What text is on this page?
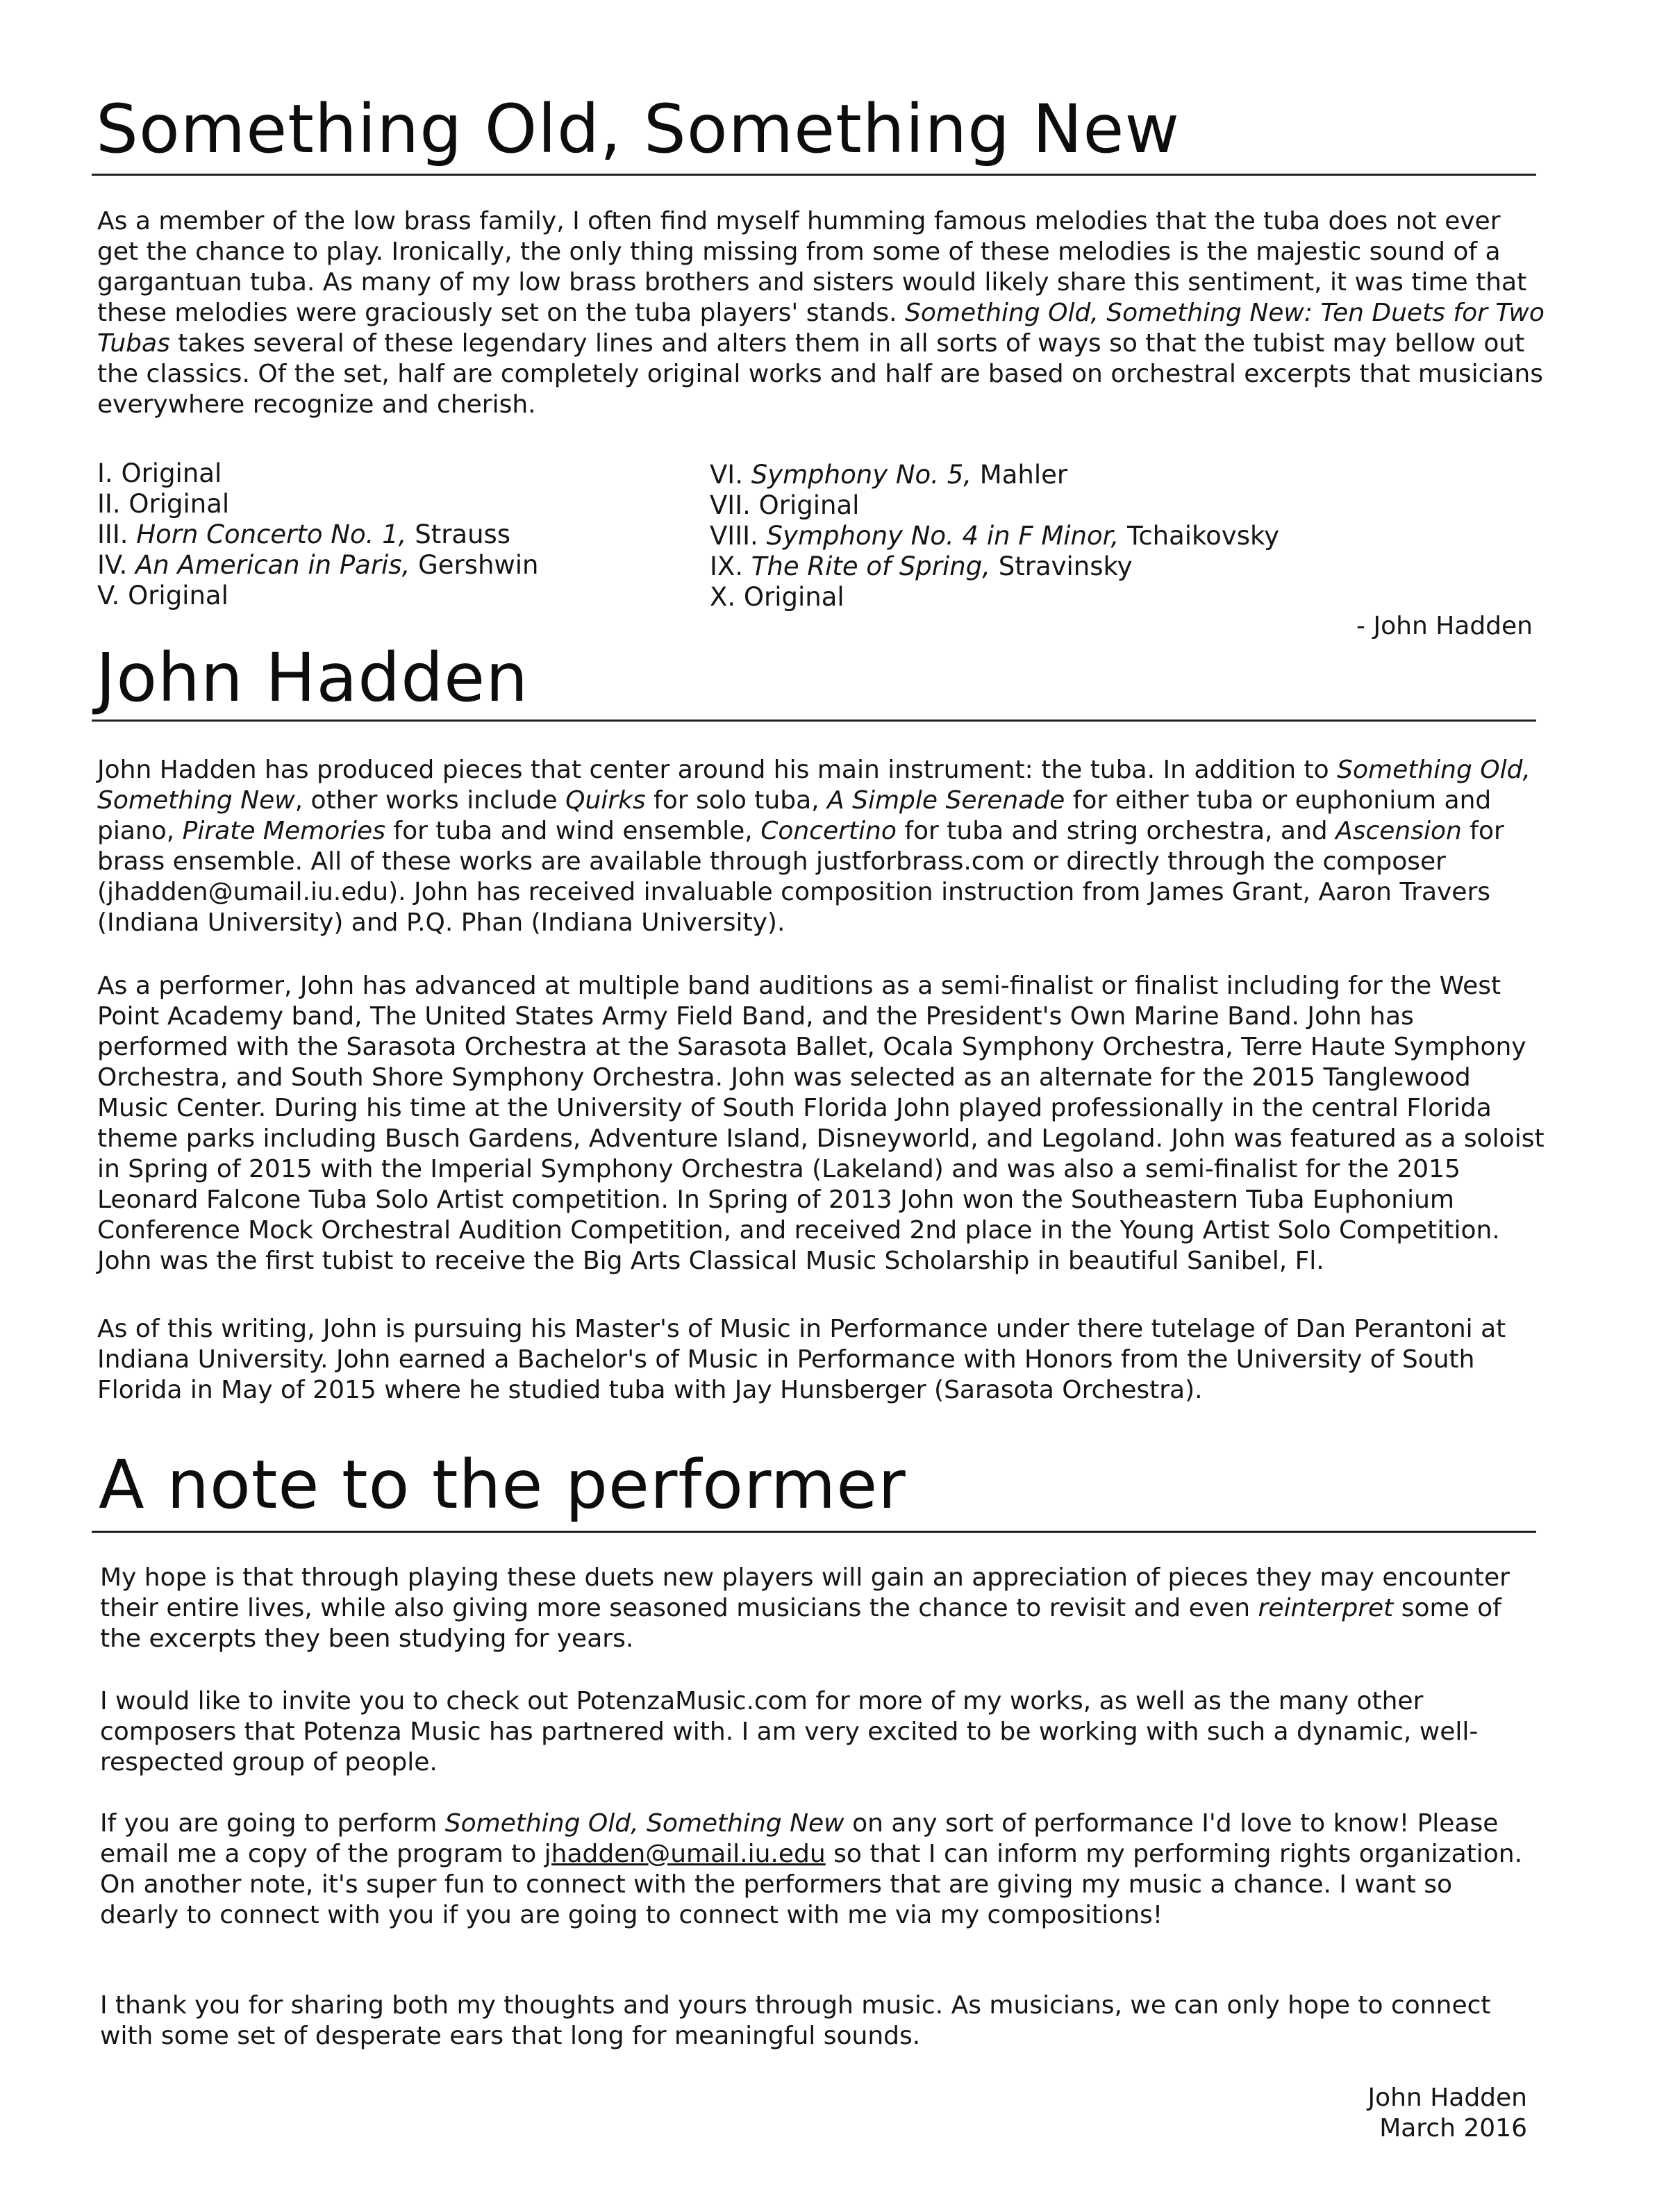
Something Old, Something New

As a member of the low brass family, I often find myself humming famous melodies that the tuba does not ever get the chance to play. Ironically, the only thing missing from some of these melodies is the majestic sound of a gargantuan tuba. As many of my low brass brothers and sisters would likely share this sentiment, it was time that these melodies were graciously set on the tuba players' stands. Something Old, Something New: Ten Duets for Two Tubas takes several of these legendary lines and alters them in all sorts of ways so that the tubist may bellow out the classics. Of the set, half are completely original works and half are based on orchestral excerpts that musicians everywhere recognize and cherish.

I. Original
II. Original
III. Horn Concerto No. 1, Strauss
IV. An American in Paris, Gershwin
V. Original
VI. Symphony No. 5, Mahler
VII. Original
VIII. Symphony No. 4 in F Minor, Tchaikovsky
IX. The Rite of Spring, Stravinsky
X. Original
- John Hadden
John Hadden

John Hadden has produced pieces that center around his main instrument: the tuba. In addition to Something Old, Something New, other works include Quirks for solo tuba, A Simple Serenade for either tuba or euphonium and piano, Pirate Memories for tuba and wind ensemble, Concertino for tuba and string orchestra, and Ascension for brass ensemble. All of these works are available through justforbrass.com or directly through the composer (jhadden@umail.iu.edu). John has received invaluable composition instruction from James Grant, Aaron Travers (Indiana University) and P.Q. Phan (Indiana University).

As a performer, John has advanced at multiple band auditions as a semi-finalist or finalist including for the West Point Academy band, The United States Army Field Band, and the President's Own Marine Band. John has performed with the Sarasota Orchestra at the Sarasota Ballet, Ocala Symphony Orchestra, Terre Haute Symphony Orchestra, and South Shore Symphony Orchestra. John was selected as an alternate for the 2015 Tanglewood Music Center. During his time at the University of South Florida John played professionally in the central Florida theme parks including Busch Gardens, Adventure Island, Disneyworld, and Legoland. John was featured as a soloist in Spring of 2015 with the Imperial Symphony Orchestra (Lakeland) and was also a semi-finalist for the 2015 Leonard Falcone Tuba Solo Artist competition. In Spring of 2013 John won the Southeastern Tuba Euphonium Conference Mock Orchestral Audition Competition, and received 2nd place in the Young Artist Solo Competition. John was the first tubist to receive the Big Arts Classical Music Scholarship in beautiful Sanibel, Fl.

As of this writing, John is pursuing his Master's of Music in Performance under there tutelage of Dan Perantoni at Indiana University. John earned a Bachelor's of Music in Performance with Honors from the University of South Florida in May of 2015 where he studied tuba with Jay Hunsberger (Sarasota Orchestra).

A note to the performer

My hope is that through playing these duets new players will gain an appreciation of pieces they may encounter their entire lives, while also giving more seasoned musicians the chance to revisit and even reinterpret some of the excerpts they been studying for years.

I would like to invite you to check out PotenzaMusic.com for more of my works, as well as the many other composers that Potenza Music has partnered with. I am very excited to be working with such a dynamic, well-respected group of people.

If you are going to perform Something Old, Something New on any sort of performance I'd love to know! Please email me a copy of the program to jhadden@umail.iu.edu so that I can inform my performing rights organization. On another note, it's super fun to connect with the performers that are giving my music a chance. I want so dearly to connect with you if you are going to connect with me via my compositions!

I thank you for sharing both my thoughts and yours through music. As musicians, we can only hope to connect with some set of desperate ears that long for meaningful sounds.

John Hadden
March 2016
